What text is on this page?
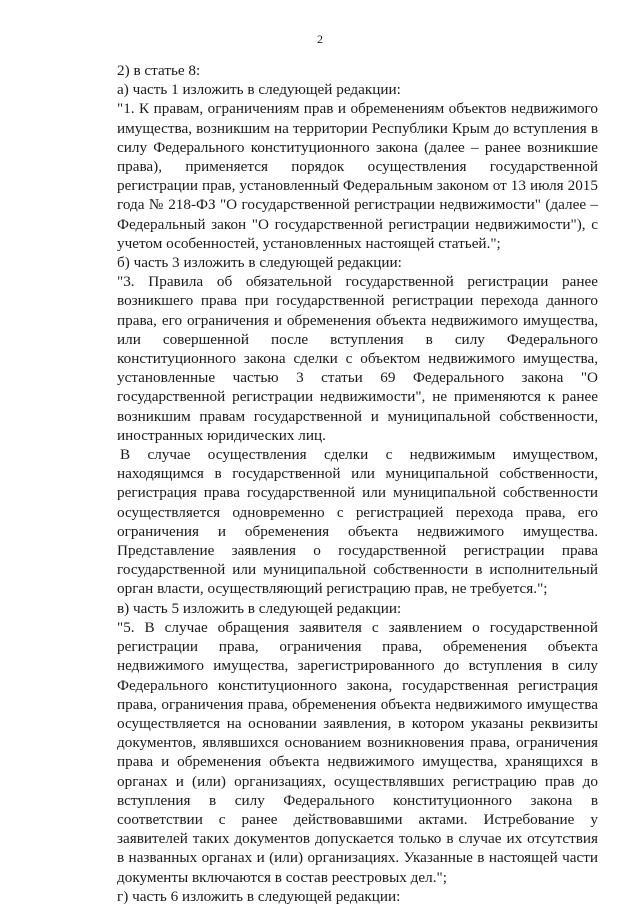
2

2) в статье 8:

а) часть 1 изложить в следующей редакции:

"1. К правам, ограничениям прав и обременениям объектов недвижимого имущества, возникшим на территории Республики Крым до вступления в силу Федерального конституционного закона (далее – ранее возникшие права), применяется порядок осуществления государственной регистрации прав, установленный Федеральным законом от 13 июля 2015 года № 218-ФЗ "О государственной регистрации недвижимости" (далее – Федеральный закон "О государственной регистрации недвижимости"), с учетом особенностей, установленных настоящей статьей.";

б) часть 3 изложить в следующей редакции:

"3. Правила об обязательной государственной регистрации ранее возникшего права при государственной регистрации перехода данного права, его ограничения и обременения объекта недвижимого имущества, или совершенной после вступления в силу Федерального конституционного закона сделки с объектом недвижимого имущества, установленные частью 3 статьи 69 Федерального закона "О государственной регистрации недвижимости", не применяются к ранее возникшим правам государственной и муниципальной собственности, иностранных юридических лиц.

В случае осуществления сделки с недвижимым имуществом, находящимся в государственной или муниципальной собственности, регистрация права государственной или муниципальной собственности осуществляется одновременно с регистрацией перехода права, его ограничения и обременения объекта недвижимого имущества. Представление заявления о государственной регистрации права государственной или муниципальной собственности в исполнительный орган власти, осуществляющий регистрацию прав, не требуется.";

в) часть 5 изложить в следующей редакции:

"5. В случае обращения заявителя с заявлением о государственной регистрации права, ограничения права, обременения объекта недвижимого имущества, зарегистрированного до вступления в силу Федерального конституционного закона, государственная регистрация права, ограничения права, обременения объекта недвижимого имущества осуществляется на основании заявления, в котором указаны реквизиты документов, являвшихся основанием возникновения права, ограничения права и обременения объекта недвижимого имущества, хранящихся в органах и (или) организациях, осуществлявших регистрацию прав до вступления в силу Федерального конституционного закона в соответствии с ранее действовавшими актами. Истребование у заявителей таких документов допускается только в случае их отсутствия в названных органах и (или) организациях. Указанные в настоящей части документы включаются в состав реестровых дел.";

г) часть 6 изложить в следующей редакции:
